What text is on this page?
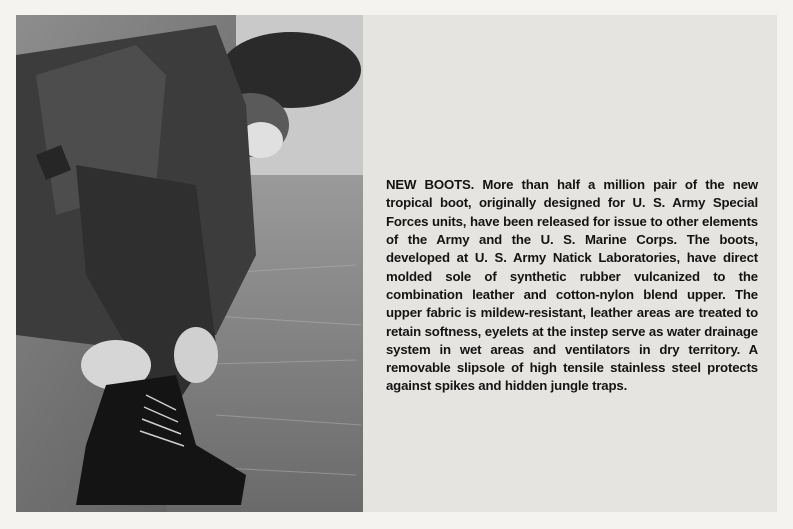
NEW BOOTS. More than half a million pair of the new tropical boot, originally designed for U. S. Army Special Forces units, have been released for issue to other elements of the Army and the U. S. Marine Corps. The boots, developed at U. S. Army Natick Laboratories, have direct molded sole of synthetic rubber vulcanized to the combination leather and cotton-nylon blend upper. The upper fabric is mildew-resistant, leather areas are treated to retain softness, eyelets at the instep serve as water drainage system in wet areas and ventilators in dry territory. A removable slipsole of high tensile stainless steel protects against spikes and hidden jungle traps.
